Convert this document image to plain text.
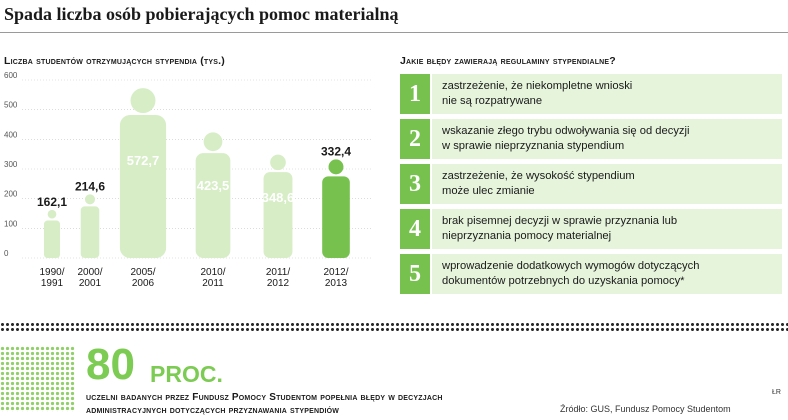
Spada liczba osób pobierających pomoc materialną
Liczba studentów otrzymujących stypendia (tys.)
0
100
200
300
400
500
600
162,1
1990/
1991
214,6
2000/
2001
572,7
2005/
2006
423,5
2010/
2011
348,6
2011/
2012
332,4
2012/
2013
Jakie błędy zawierają regulaminy stypendialne?
1	zastrzeżenie, że niekompletne wnioski
nie są rozpatrywane
2	wskazanie złego trybu odwoływania się od decyzji
w sprawie nieprzyznania stypendium
3	zastrzeżenie, że wysokość stypendium
może ulec zmianie
4	brak pisemnej decyzji w sprawie przyznania lub
nieprzyznania pomocy materialnej
5	wprowadzenie dodatkowych wymogów dotyczących
dokumentów potrzebnych do uzyskania pomocy*
80 PROC.
uczelni badanych przez Fundusz Pomocy Studentom popełnia błędy w decyzjach
administracyjnych dotyczących przyznawania stypendiów
ŁR
Źródło: GUS, Fundusz Pomocy Studentom
